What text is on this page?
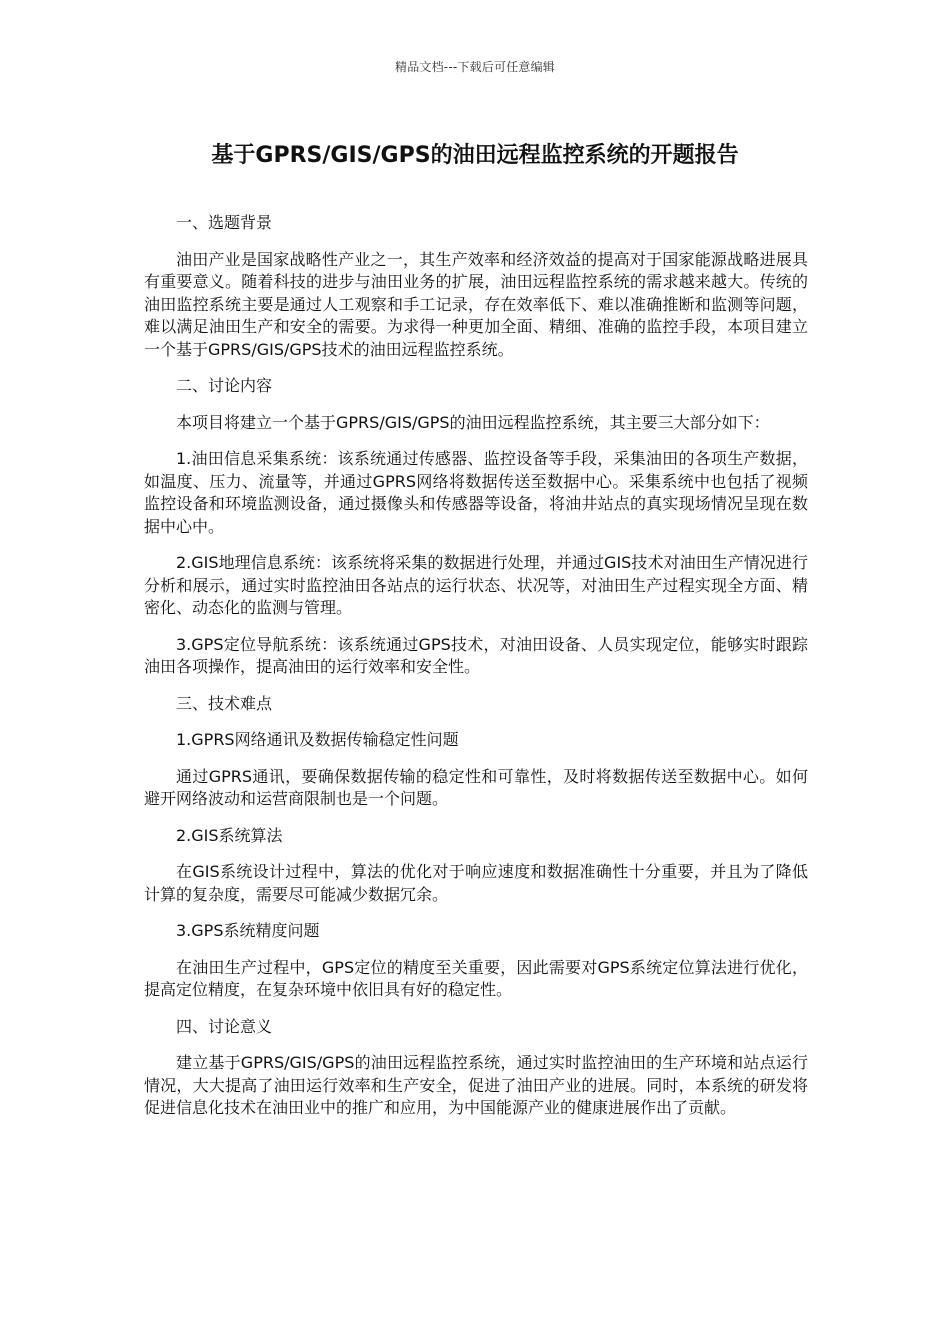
精品文档---下载后可任意编辑
基于GPRS/GIS/GPS的油田远程监控系统的开题报告

一、选题背景

油田产业是国家战略性产业之一，其生产效率和经济效益的提高对于国家能源战略进展具有重要意义。随着科技的进步与油田业务的扩展，油田远程监控系统的需求越来越大。传统的油田监控系统主要是通过人工观察和手工记录，存在效率低下、难以准确推断和监测等问题，难以满足油田生产和安全的需要。为求得一种更加全面、精细、准确的监控手段，本项目建立一个基于GPRS/GIS/GPS技术的油田远程监控系统。

二、讨论内容

本项目将建立一个基于GPRS/GIS/GPS的油田远程监控系统，其主要三大部分如下：

1.油田信息采集系统：该系统通过传感器、监控设备等手段，采集油田的各项生产数据，如温度、压力、流量等，并通过GPRS网络将数据传送至数据中心。采集系统中也包括了视频监控设备和环境监测设备，通过摄像头和传感器等设备，将油井站点的真实现场情况呈现在数据中心中。

2.GIS地理信息系统：该系统将采集的数据进行处理，并通过GIS技术对油田生产情况进行分析和展示，通过实时监控油田各站点的运行状态、状况等，对油田生产过程实现全方面、精密化、动态化的监测与管理。

3.GPS定位导航系统：该系统通过GPS技术，对油田设备、人员实现定位，能够实时跟踪油田各项操作，提高油田的运行效率和安全性。

三、技术难点

1.GPRS网络通讯及数据传输稳定性问题

通过GPRS通讯，要确保数据传输的稳定性和可靠性，及时将数据传送至数据中心。如何避开网络波动和运营商限制也是一个问题。

2.GIS系统算法

在GIS系统设计过程中，算法的优化对于响应速度和数据准确性十分重要，并且为了降低计算的复杂度，需要尽可能减少数据冗余。

3.GPS系统精度问题

在油田生产过程中，GPS定位的精度至关重要，因此需要对GPS系统定位算法进行优化，提高定位精度，在复杂环境中依旧具有好的稳定性。

四、讨论意义

建立基于GPRS/GIS/GPS的油田远程监控系统，通过实时监控油田的生产环境和站点运行情况，大大提高了油田运行效率和生产安全，促进了油田产业的进展。同时，本系统的研发将促进信息化技术在油田业中的推广和应用，为中国能源产业的健康进展作出了贡献。
